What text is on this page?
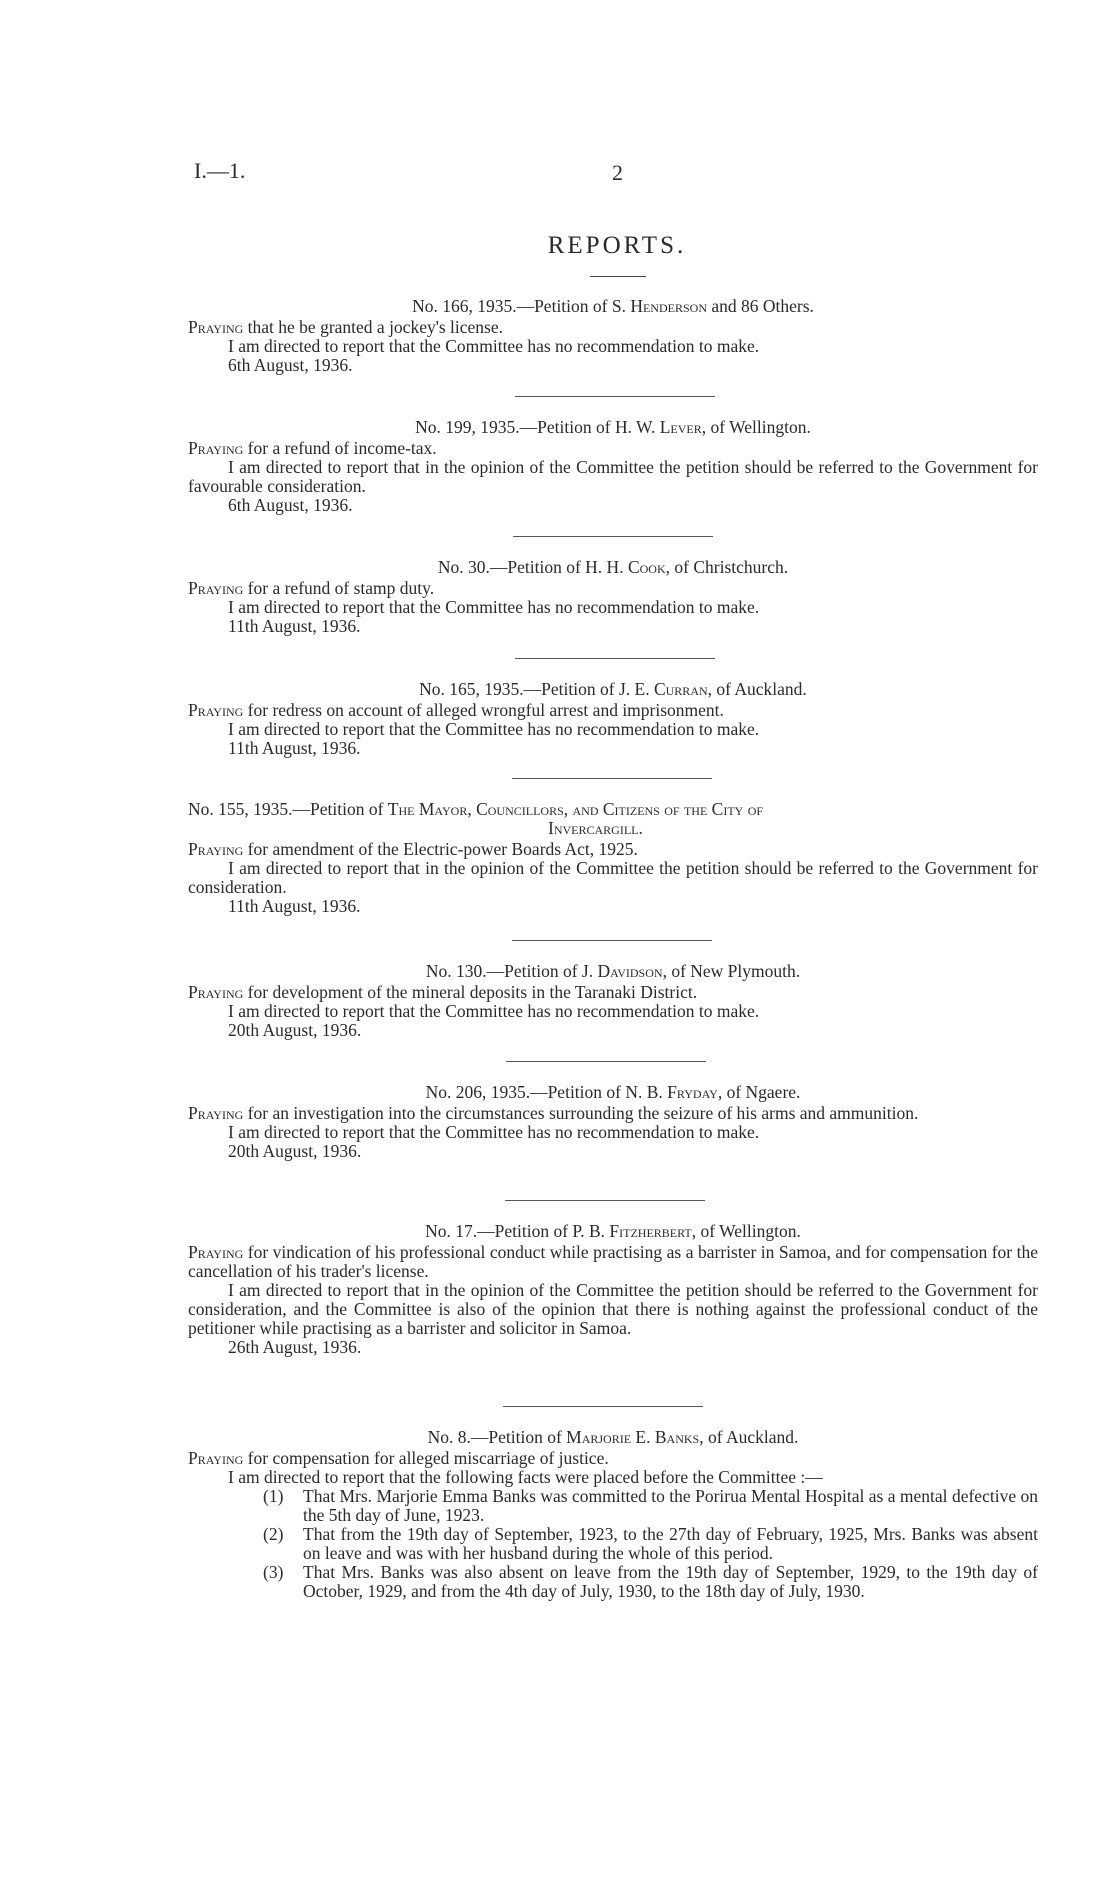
I.—1.	2
REPORTS.
No. 166, 1935.—Petition of S. Henderson and 86 Others.
Praying that he be granted a jockey's license.
I am directed to report that the Committee has no recommendation to make.
6th August, 1936.
No. 199, 1935.—Petition of H. W. Lever, of Wellington.
Praying for a refund of income-tax.
I am directed to report that in the opinion of the Committee the petition should be referred to the Government for favourable consideration.
6th August, 1936.
No. 30.—Petition of H. H. Cook, of Christchurch.
Praying for a refund of stamp duty.
I am directed to report that the Committee has no recommendation to make.
11th August, 1936.
No. 165, 1935.—Petition of J. E. Curran, of Auckland.
Praying for redress on account of alleged wrongful arrest and imprisonment.
I am directed to report that the Committee has no recommendation to make.
11th August, 1936.
No. 155, 1935.—Petition of The Mayor, Councillors, and Citizens of the City of
Invercargill.
Praying for amendment of the Electric-power Boards Act, 1925.
I am directed to report that in the opinion of the Committee the petition should be referred to the Government for consideration.
11th August, 1936.
No. 130.—Petition of J. Davidson, of New Plymouth.
Praying for development of the mineral deposits in the Taranaki District.
I am directed to report that the Committee has no recommendation to make.
20th August, 1936.
No. 206, 1935.—Petition of N. B. Fryday, of Ngaere.
Praying for an investigation into the circumstances surrounding the seizure of his arms and ammunition.
I am directed to report that the Committee has no recommendation to make.
20th August, 1936.
No. 17.—Petition of P. B. Fitzherbert, of Wellington.
Praying for vindication of his professional conduct while practising as a barrister in Samoa, and for compensation for the cancellation of his trader's license.
I am directed to report that in the opinion of the Committee the petition should be referred to the Government for consideration, and the Committee is also of the opinion that there is nothing against the professional conduct of the petitioner while practising as a barrister and solicitor in Samoa.
26th August, 1936.
No. 8.—Petition of Marjorie E. Banks, of Auckland.
Praying for compensation for alleged miscarriage of justice.
I am directed to report that the following facts were placed before the Committee :—
(1)	That Mrs. Marjorie Emma Banks was committed to the Porirua Mental Hospital as a mental defective on the 5th day of June, 1923.
(2)	That from the 19th day of September, 1923, to the 27th day of February, 1925, Mrs. Banks was absent on leave and was with her husband during the whole of this period.
(3)	That Mrs. Banks was also absent on leave from the 19th day of September, 1929, to the 19th day of October, 1929, and from the 4th day of July, 1930, to the 18th day of July, 1930.
